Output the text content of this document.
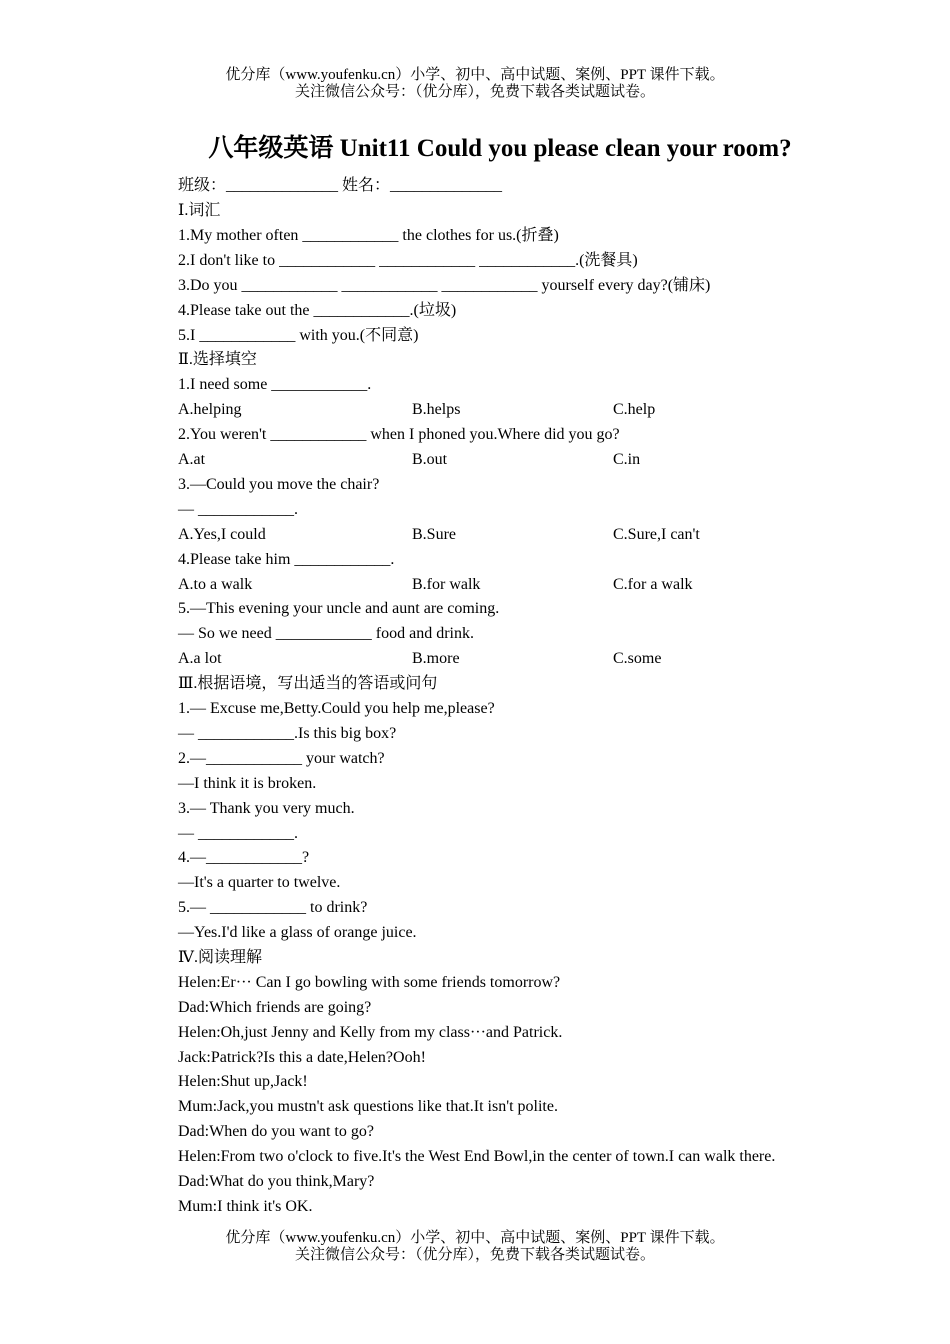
优分库（www.youfenku.cn）小学、初中、高中试题、案例、PPT 课件下载。
关注微信公众号：（优分库），免费下载各类试题试卷。
八年级英语 Unit11 Could you please clean your room?
班级：______________ 姓名：______________
Ⅰ.词汇
1.My mother often ____________ the clothes for us.(折叠)
2.I don't like to ____________ ____________ ____________.(洗餐具)
3.Do you ____________ ____________ ____________ yourself every day?(铺床)
4.Please take out the ____________.(垃圾)
5.I ____________ with you.(不同意)
Ⅱ.选择填空
1.I need some ____________.
A.helping	B.helps	C.help
2.You weren't ____________ when I phoned you.Where did you go?
A.at	B.out	C.in
3.—Could you move the chair?
— ____________.
A.Yes,I could	B.Sure	C.Sure,I can't
4.Please take him ____________.
A.to a walk	B.for walk	C.for a walk
5.—This evening your uncle and aunt are coming.
— So we need ____________ food and drink.
A.a lot	B.more	C.some
Ⅲ.根据语境，写出适当的答语或问句
1.— Excuse me,Betty.Could you help me,please?
— ____________.Is this big box?
2.—____________ your watch?
—I think it is broken.
3.— Thank you very much.
— ____________.
4.—____________?
—It's a quarter to twelve.
5.— ____________ to drink?
—Yes.I'd like a glass of orange juice.
Ⅳ.阅读理解
Helen:Er··· Can I go bowling with some friends tomorrow?
Dad:Which friends are going?
Helen:Oh,just Jenny and Kelly from my class···and Patrick.
Jack:Patrick?Is this a date,Helen?Ooh!
Helen:Shut up,Jack!
Mum:Jack,you mustn't ask questions like that.It isn't polite.
Dad:When do you want to go?
Helen:From two o'clock to five.It's the West End Bowl,in the center of town.I can walk there.
Dad:What do you think,Mary?
Mum:I think it's OK.
优分库（www.youfenku.cn）小学、初中、高中试题、案例、PPT 课件下载。
关注微信公众号：（优分库），免费下载各类试题试卷。
